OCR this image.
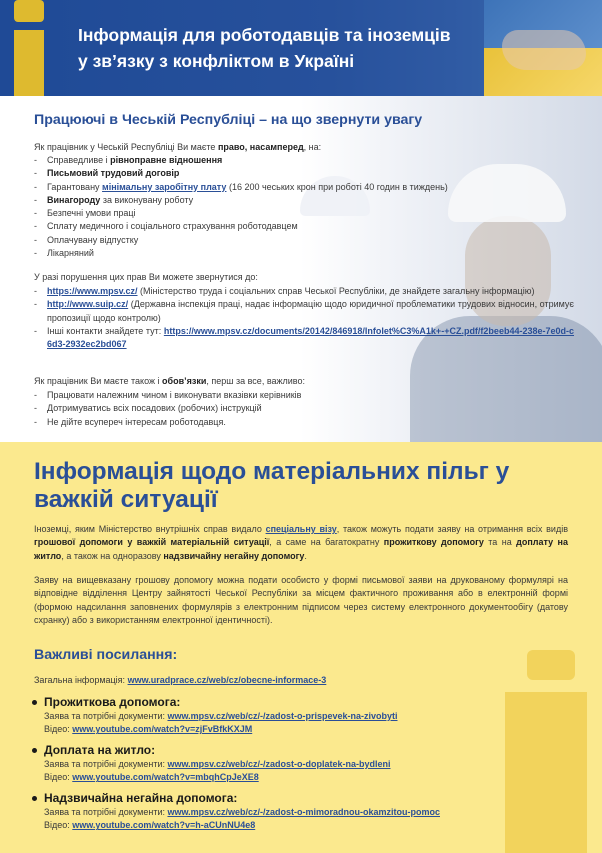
Інформація для роботодавців та іноземців
у зв’язку з конфліктом в Україні
Працюючі в Чеській Республіці – на що звернути увагу

Як працівник у Чеській Республіці Ви маєте право, насамперед, на:

- Справедливе і рівноправне відношення
- Письмовий трудовий договір
- Гарантовану мінімальну заробітну плату (16 200 чеських крон при роботі 40 годин в тиждень)
- Винагороду за виконувану роботу
- Безпечні умови праці
- Сплату медичного і соціального страхування роботодавцем
- Оплачувану відпустку
- Лікарняний

У разі порушення цих прав Ви можете звернутися до:

- https://www.mpsv.cz/ (Міністерство труда і соціальних справ Чеської Республіки, де знайдете загальну інформацію)
- http://www.suip.cz/ (Державна інспекція праці, надає інформацію щодо юридичної проблематики трудових відносин, отримує пропозиції щодо контролю)
- Інші контакти знайдете тут: https://www.mpsv.cz/documents/20142/846918/Infolet%C3%A1k+-+CZ.pdf/f2beeb44-238e-7e0d-c6d3-2932ec2bd067

Як працівник Ви маєте також і обов’язки, перш за все, важливо:

- Працювати належним чином і виконувати вказівки керівників
- Дотримуватись всіх посадових (робочих) інструкцій
- Не дійте всупереч інтересам роботодавця.
Інформація щодо матеріальних пільг у важкій ситуації

Іноземці, яким Міністерство внутрішніх справ видало спеціальну візу, також можуть подати заяву на отримання всіх видів грошової допомоги у важкій матеріальній ситуації, а саме на багатократну прожиткову допомогу та на доплату на житло, а також на одноразову надзвичайну негайну допомогу.

Заяву на вищевказану грошову допомогу можна подати особисто у формі письмової заяви на друкованому формулярі на відповідне відділення Центру зайнятості Чеської Республіки за місцем фактичного проживання або в електронній формі (формою надсилання заповнених формулярів з електронним підписом через систему електронного документообігу (датову схранку) або з використанням електронної ідентичності).

Важливі посилання:

Загальна інформація: www.uradprace.cz/web/cz/obecne-informace-3

Прожиткова допомога:
Заява та потрібні документи: www.mpsv.cz/web/cz/-/zadost-o-prispevek-na-zivobyti
Відео: www.youtube.com/watch?v=zjFvBfkKXJM
Доплата на житло:
Заява та потрібні документи: www.mpsv.cz/web/cz/-/zadost-o-doplatek-na-bydleni
Відео: www.youtube.com/watch?v=mbqhCpJeXE8
Надзвичайна негайна допомога:
Заява та потрібні документи: www.mpsv.cz/web/cz/-/zadost-o-mimoradnou-okamzitou-pomoc
Відео: www.youtube.com/watch?v=h-aCUnNU4e8
